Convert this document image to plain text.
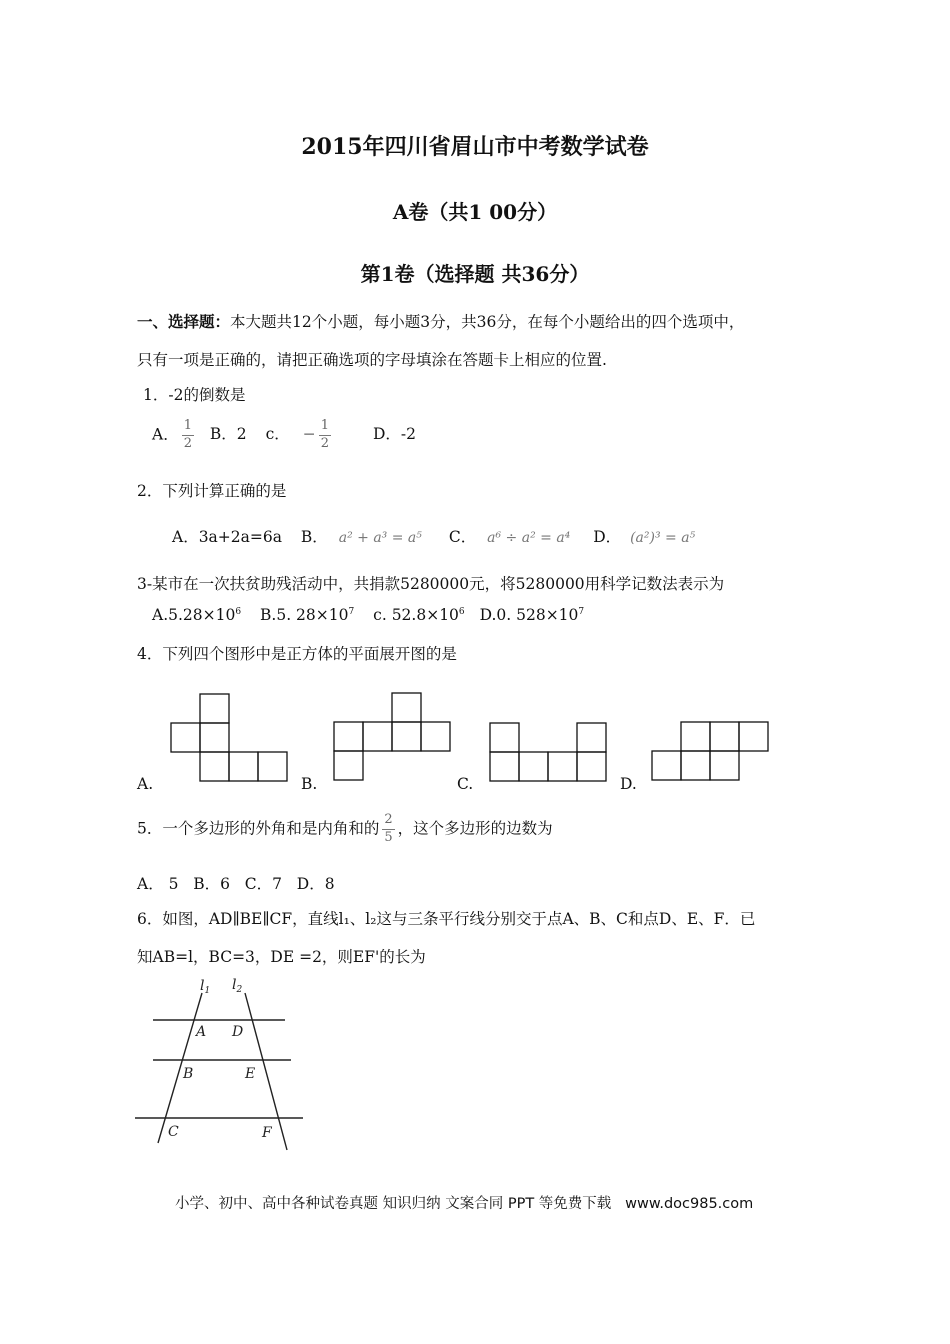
2015年四川省眉山市中考数学试卷
A卷（共1 00分）
第1卷（选择题 共36分）
一、选择题：本大题共12个小题，每小题3分，共36分，在每个小题给出的四个选项中，
只有一项是正确的，请把正确选项的字母填涂在答题卡上相应的位置.
1．-2的倒数是
A． $\frac{1}{2}$ B．2 c． − $\frac{1}{2}$	D．-2
2．下列计算正确的是
A．3a+2a=6a B． a² + a³ = a⁵ C． a⁶ ÷ a² = a⁴ D． (a²)³ = a⁵
3-某市在一次扶贫助残活动中，共捐款5280000元，将5280000用科学记数法表示为
$A.5.28\times 10^6$ B.5. $28\times 10^7$ c. $52.8\times 10^6$ D.0. $528\times 10^7$
4．下列四个图形中是正方体的平面展开图的是
A.	B.	C.	D.
5．一个多边形的外角和是内角和的 $\frac{2}{5}$ ，这个多边形的边数为
A． 5   B．6   C．7   D．8
6．如图，AD∥BE∥CF，直线l₁、l₂这与三条平行线分别交于点A、B、C和点D、E、F．已
知AB=l，BC=3，DE =2，则EF'的长为
$l_1$ $l_2$
A D
B	E
C	F
小学、初中、高中各种试卷真题 知识归纳 文案合同 PPT 等免费下载   www.doc985.com
